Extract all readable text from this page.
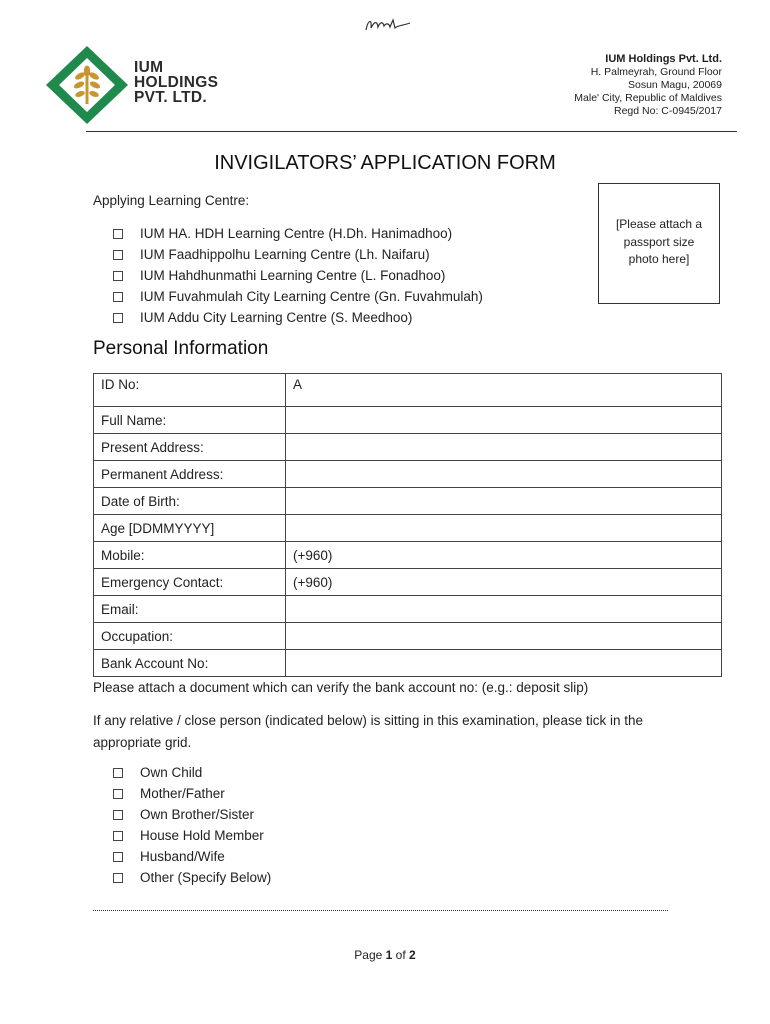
IUM
HOLDINGS
PVT. LTD.
IUM Holdings Pvt. Ltd.
H. Palmeyrah, Ground Floor
Sosun Magu, 20069
Male' City, Republic of Maldives
Regd No: C-0945/2017
INVIGILATORS’ APPLICATION FORM
Applying Learning Centre:
IUM HA. HDH Learning Centre (H.Dh. Hanimadhoo)
IUM Faadhippolhu Learning Centre (Lh. Naifaru)
IUM Hahdhunmathi Learning Centre (L. Fonadhoo)
IUM Fuvahmulah City Learning Centre (Gn. Fuvahmulah)
IUM Addu City Learning Centre (S. Meedhoo)
[Please attach a passport size photo here]
Personal Information
ID No:	A
Full Name:	
Present Address:	
Permanent Address:	
Date of Birth:	
Age [DDMMYYYY]	
Mobile:	(+960)
Emergency Contact:	(+960)
Email:	
Occupation:	
Bank Account No:	
Please attach a document which can verify the bank account no: (e.g.: deposit slip)
If any relative / close person (indicated below) is sitting in this examination, please tick in the appropriate grid.
Own Child
Mother/Father
Own Brother/Sister
House Hold Member
Husband/Wife
Other (Specify Below)
Page 1 of 2
